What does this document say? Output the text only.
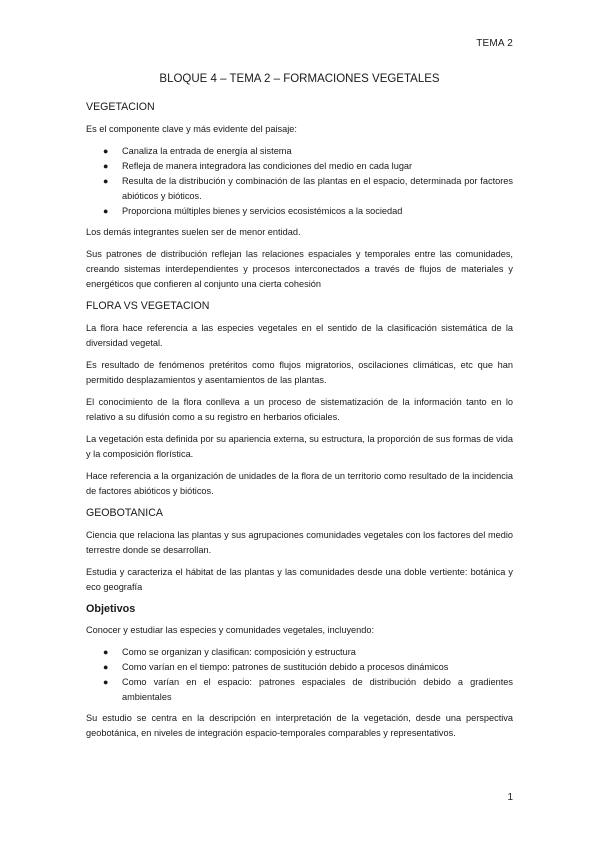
TEMA 2
BLOQUE 4 – TEMA 2 – FORMACIONES VEGETALES
VEGETACION

Es el componente clave y más evidente del paisaje:

● Canaliza la entrada de energía al sistema
● Refleja de manera integradora las condiciones del medio en cada lugar
● Resulta de la distribución y combinación de las plantas en el espacio, determinada por factores abióticos y bióticos.
● Proporciona múltiples bienes y servicios ecosistémicos a la sociedad

Los demás integrantes suelen ser de menor entidad.

Sus patrones de distribución reflejan las relaciones espaciales y temporales entre las comunidades, creando sistemas interdependientes y procesos interconectados a través de flujos de materiales y energéticos que confieren al conjunto una cierta cohesión

FLORA VS VEGETACION

La flora hace referencia a las especies vegetales en el sentido de la clasificación sistemática de la diversidad vegetal.

Es resultado de fenómenos pretéritos como flujos migratorios, oscilaciones climáticas, etc que han permitido desplazamientos y asentamientos de las plantas.

El conocimiento de la flora conlleva a un proceso de sistematización de la información tanto en lo relativo a su difusión como a su registro en herbarios oficiales.

La vegetación esta definida por su apariencia externa, su estructura, la proporción de sus formas de vida y la composición florística.

Hace referencia a la organización de unidades de la flora de un territorio como resultado de la incidencia de factores abióticos y bióticos.

GEOBOTANICA

Ciencia que relaciona las plantas y sus agrupaciones comunidades vegetales con los factores del medio terrestre donde se desarrollan.

Estudia y caracteriza el hábitat de las plantas y las comunidades desde una doble vertiente: botánica y eco geografía

Objetivos

Conocer y estudiar las especies y comunidades vegetales, incluyendo:

● Como se organizan y clasifican: composición y estructura
● Como varían en el tiempo: patrones de sustitución debido a procesos dinámicos
● Como varían en el espacio: patrones espaciales de distribución debido a gradientes ambientales

Su estudio se centra en la descripción en interpretación de la vegetación, desde una perspectiva geobotánica, en niveles de integración espacio-temporales comparables y representativos.

1
